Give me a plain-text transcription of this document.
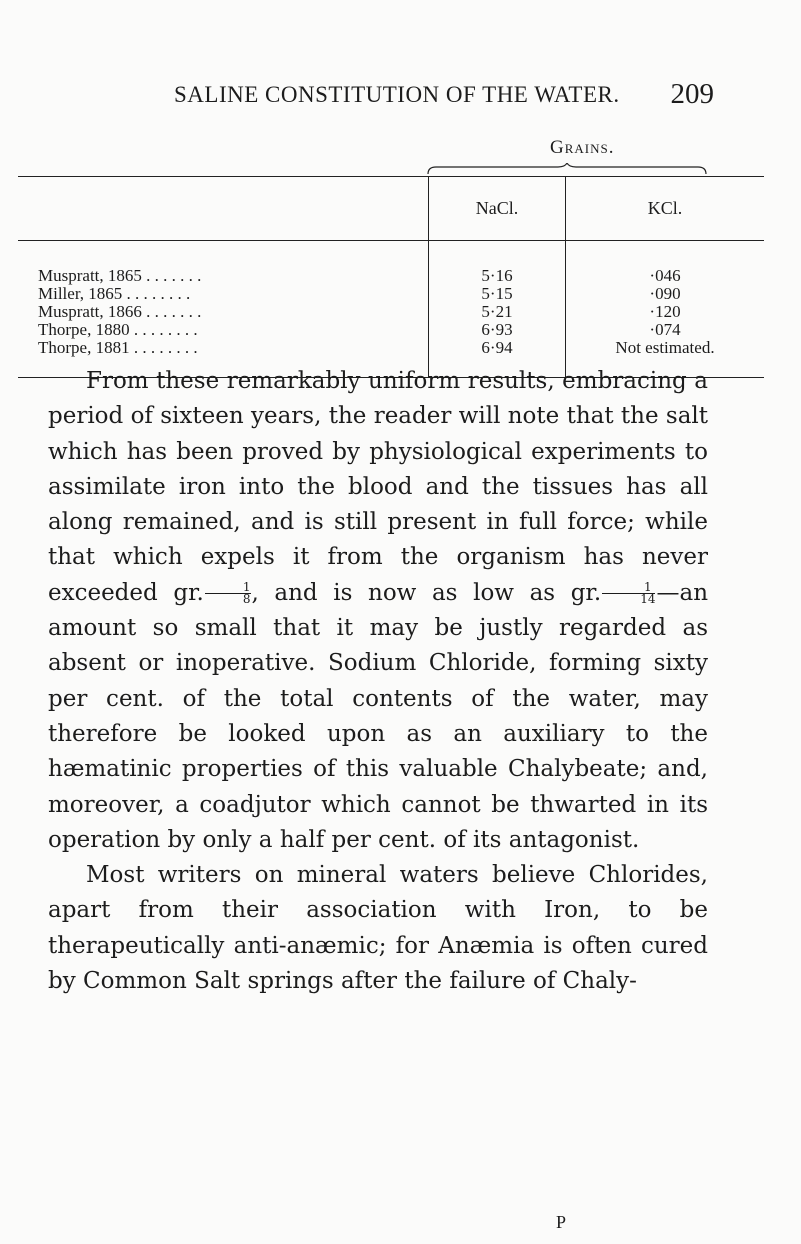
SALINE CONSTITUTION OF THE WATER. 209
Grains.
	NaCl.	KCl.
Muspratt, 1865 . . . . . . .	5·16	·046
Miller, 1865 . . . . . . . .	5·15	·090
Muspratt, 1866 . . . . . . .	5·21	·120
Thorpe, 1880 . . . . . . . .	6·93	·074
Thorpe, 1881 . . . . . . . .	6·94	Not estimated.

From these remarkably uniform results, embracing a period of sixteen years, the reader will note that the salt which has been proved by physiological experiments to assimilate iron into the blood and the tissues has all along remained, and is still present in full force; while that which expels it from the organism has never exceeded gr. $\frac{1}{8}$ , and is now as low as gr. $\frac{1}{14}$ —an amount so small that it may be justly regarded as absent or inoperative. Sodium Chloride, forming sixty per cent. of the total contents of the water, may therefore be looked upon as an auxiliary to the hæmatinic properties of this valuable Chalybeate; and, moreover, a coadjutor which cannot be thwarted in its operation by only a half per cent. of its antagonist.

Most writers on mineral waters believe Chlorides, apart from their association with Iron, to be therapeutically anti-anæmic; for Anæmia is often cured by Common Salt springs after the failure of Chaly-

P
